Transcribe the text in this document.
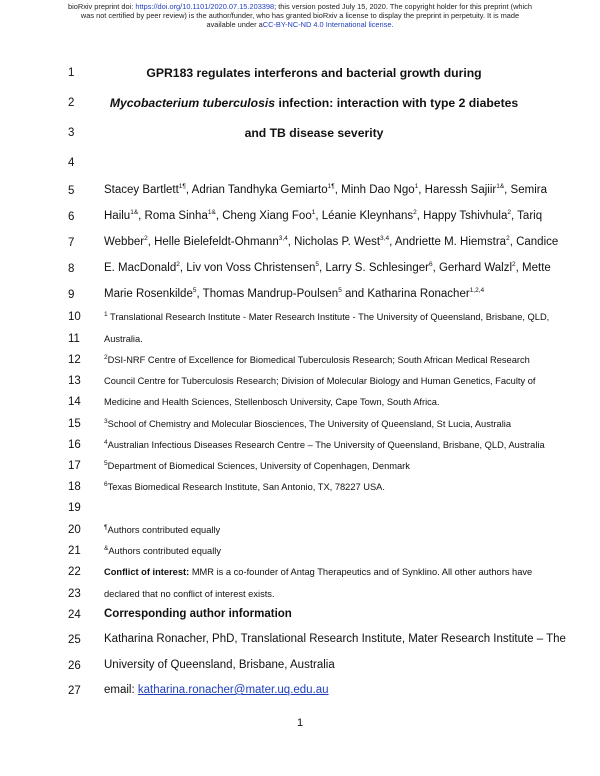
bioRxiv preprint doi: https://doi.org/10.1101/2020.07.15.203398; this version posted July 15, 2020. The copyright holder for this preprint (which
was not certified by peer review) is the author/funder, who has granted bioRxiv a license to display the preprint in perpetuity. It is made
available under aCC-BY-NC-ND 4.0 International license.
1
2
3
4
5
6
7
8
9
10
11
12
13
14
15
16
17
18
19
20
21
22
23
24
25
26
27
GPR183 regulates interferons and bacterial growth during
Mycobacterium tuberculosis infection: interaction with type 2 diabetes
and TB disease severity
Stacey Bartlett$^{1\P}$, Adrian Tandhyka Gemiarto$^{1\P}$, Minh Dao Ngo$^1$, Haressh Sajiir$^{1\&}$, Semira
Hailu$^{1\&}$, Roma Sinha$^{1\&}$, Cheng Xiang Foo$^1$, Léanie Kleynhans$^2$, Happy Tshivhula$^2$, Tariq
Webber$^2$, Helle Bielefeldt-Ohmann$^{3,4}$, Nicholas P. West$^{3,4}$, Andriette M. Hiemstra$^2$, Candice
E. MacDonald$^2$, Liv von Voss Christensen$^5$, Larry S. Schlesinger$^6$, Gerhard Walzl$^2$, Mette
Marie Rosenkilde$^5$, Thomas Mandrup-Poulsen$^5$ and Katharina Ronacher$^{1,2,4}$
$^1$ Translational Research Institute - Mater Research Institute - The University of Queensland, Brisbane, QLD,
Australia.
$^2$DSI-NRF Centre of Excellence for Biomedical Tuberculosis Research; South African Medical Research
Council Centre for Tuberculosis Research; Division of Molecular Biology and Human Genetics, Faculty of
Medicine and Health Sciences, Stellenbosch University, Cape Town, South Africa.
$^3$School of Chemistry and Molecular Biosciences, The University of Queensland, St Lucia, Australia
$^4$Australian Infectious Diseases Research Centre – The University of Queensland, Brisbane, QLD, Australia
$^5$Department of Biomedical Sciences, University of Copenhagen, Denmark
$^6$Texas Biomedical Research Institute, San Antonio, TX, 78227 USA.
¶Authors contributed equally
&Authors contributed equally
Conflict of interest: MMR is a co-founder of Antag Therapeutics and of Synklino. All other authors have
declared that no conflict of interest exists.
Corresponding author information
Katharina Ronacher, PhD, Translational Research Institute, Mater Research Institute – The
University of Queensland, Brisbane, Australia
email: katharina.ronacher@mater.uq.edu.au
1
